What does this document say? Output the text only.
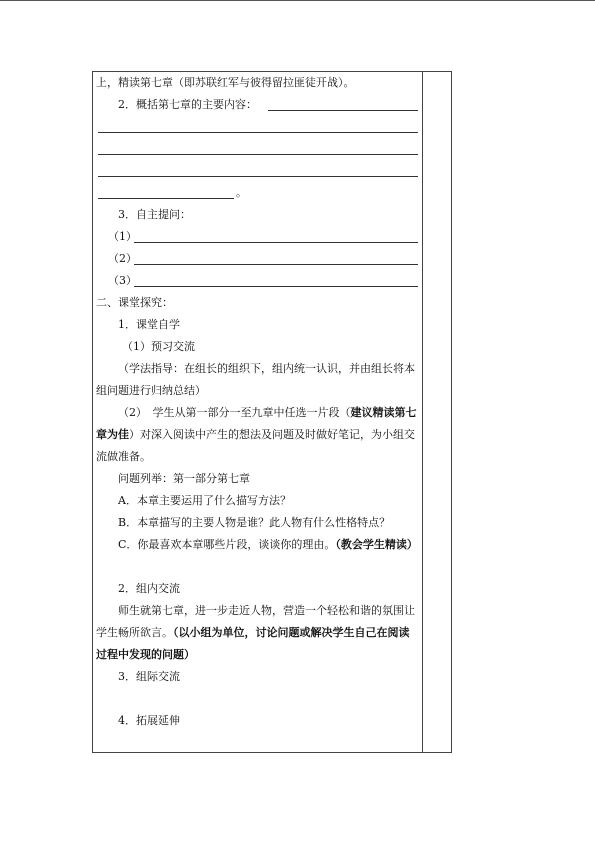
上，精读第七章（即苏联红军与彼得留拉匪徒开战）。
2．概括第七章的主要内容：
。
3．自主提问：
（1）
（2）
（3）
二、课堂探究：
1．课堂自学
（1）预习交流
（学法指导：在组长的组织下，组内统一认识，并由组长将本组问题进行归纳总结）
（2）　学生从第一部分一至九章中任选一片段（建议精读第七章为佳）对深入阅读中产生的想法及问题及时做好笔记，为小组交流做准备。
问题列举：第一部分第七章
A．本章主要运用了什么描写方法？
B．本章描写的主要人物是谁？此人物有什么性格特点？
C．你最喜欢本章哪些片段，谈谈你的理由。（教会学生精读）
2．组内交流
师生就第七章，进一步走近人物，营造一个轻松和谐的氛围让学生畅所欲言。（以小组为单位，讨论问题或解决学生自己在阅读过程中发现的问题）
3．组际交流
4．拓展延伸
